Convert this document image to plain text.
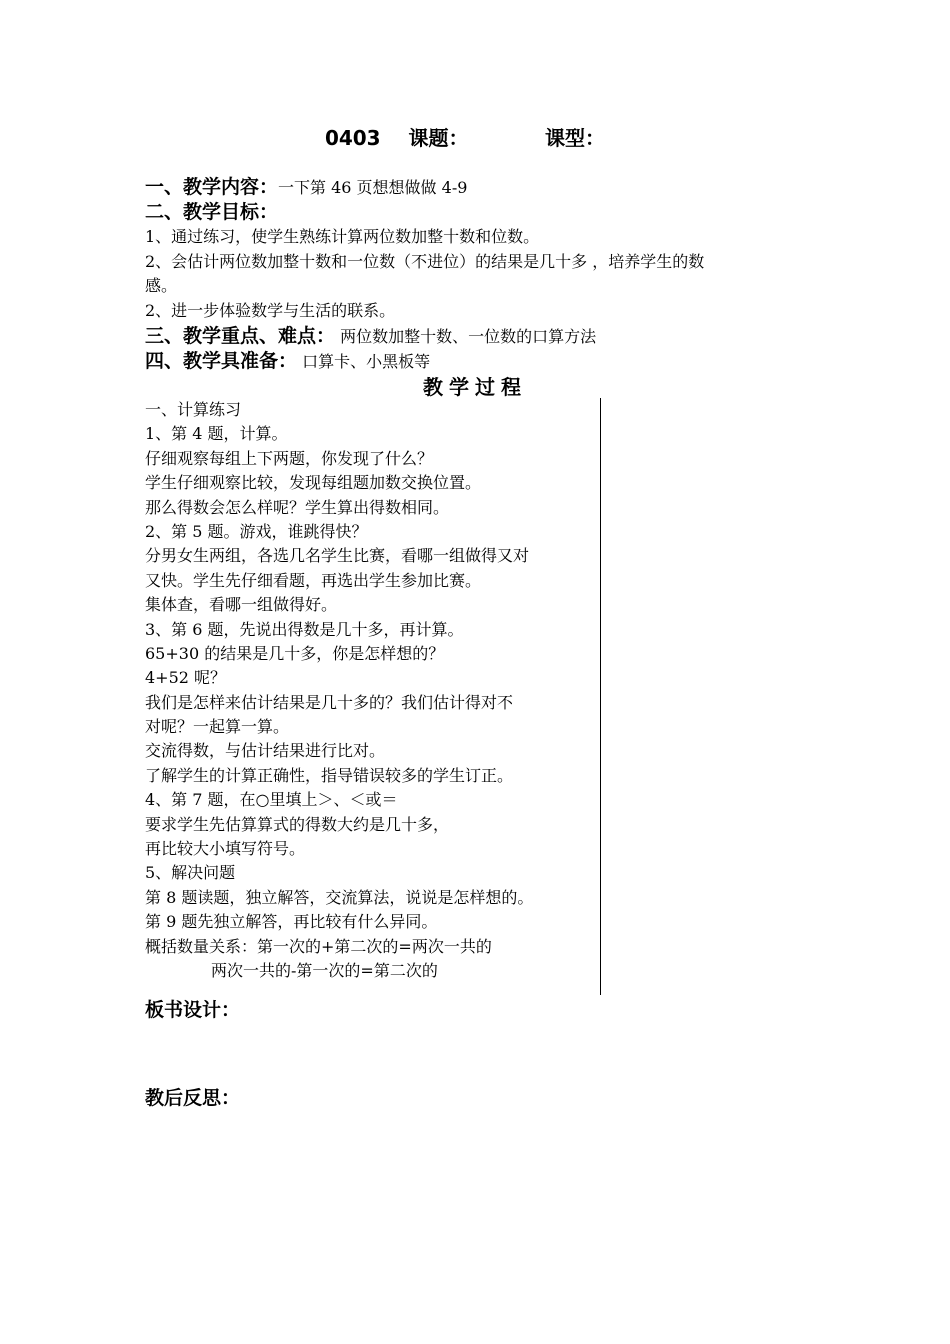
0403    课题：           课型：
一、教学内容：一下第 46 页想想做做 4-9
二、教学目标：
1、通过练习，使学生熟练计算两位数加整十数和位数。
2、会估计两位数加整十数和一位数（不进位）的结果是几十多 ，培养学生的数
感。
2、进一步体验数学与生活的联系。
三、教学重点、难点： 两位数加整十数、一位数的口算方法
四、教学具准备： 口算卡、小黑板等
教学过程
一、计算练习
1、第 4 题，计算。
仔细观察每组上下两题，你发现了什么？
学生仔细观察比较，发现每组题加数交换位置。
那么得数会怎么样呢？学生算出得数相同。
2、第 5 题。游戏，谁跳得快？
分男女生两组，各选几名学生比赛，看哪一组做得又对
又快。学生先仔细看题，再选出学生参加比赛。
集体查，看哪一组做得好。
3、第 6 题，先说出得数是几十多，再计算。
65+30 的结果是几十多，你是怎样想的？
4+52 呢？
我们是怎样来估计结果是几十多的？我们估计得对不
对呢？一起算一算。
交流得数，与估计结果进行比对。
了解学生的计算正确性，指导错误较多的学生订正。
4、第 7 题，在○里填上＞、＜或＝
要求学生先估算算式的得数大约是几十多，
再比较大小填写符号。
5、解决问题
第 8 题读题，独立解答，交流算法，说说是怎样想的。
第 9 题先独立解答，再比较有什么异同。
概括数量关系：第一次的+第二次的=两次一共的
两次一共的-第一次的=第二次的
板书设计：
教后反思：
